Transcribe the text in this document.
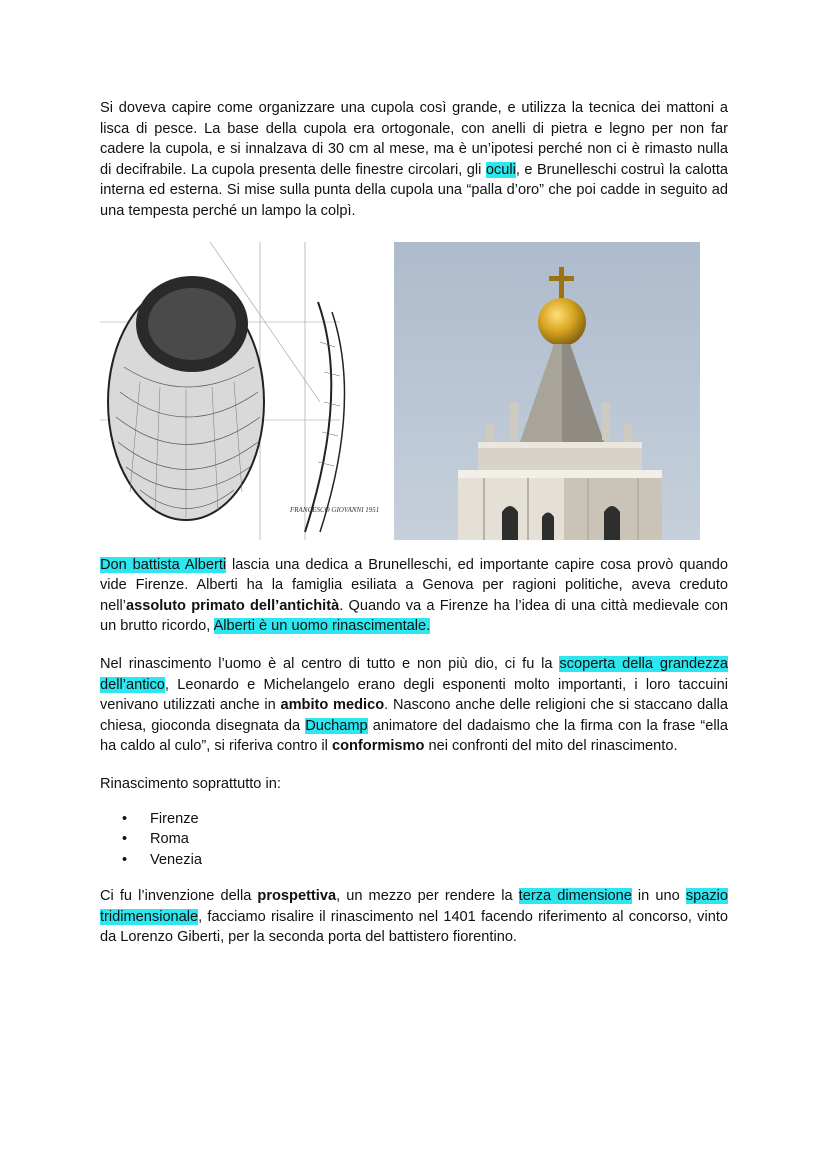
Si doveva capire come organizzare una cupola così grande, e utilizza la tecnica dei mattoni a lisca di pesce. La base della cupola era ortogonale, con anelli di pietra e legno per non far cadere la cupola, e si innalzava di 30 cm al mese, ma è un’ipotesi perché non ci è rimasto nulla di decifrabile. La cupola presenta delle finestre circolari, gli oculi, e Brunelleschi costruì la calotta interna ed esterna. Si mise sulla punta della cupola una “palla d’oro” che poi cadde in seguito ad una tempesta perché un lampo la colpì.

FRANCESCO GIOVANNI 1951

Don battista Alberti lascia una dedica a Brunelleschi, ed importante capire cosa provò quando vide Firenze. Alberti ha la famiglia esiliata a Genova per ragioni politiche, aveva creduto nell’assoluto primato dell’antichità. Quando va a Firenze ha l’idea di una città medievale con un brutto ricordo, Alberti è un uomo rinascimentale.

Nel rinascimento l’uomo è al centro di tutto e non più dio, ci fu la scoperta della grandezza dell’antico, Leonardo e Michelangelo erano degli esponenti molto importanti, i loro taccuini venivano utilizzati anche in ambito medico. Nascono anche delle religioni che si staccano dalla chiesa, gioconda disegnata da Duchamp animatore del dadaismo che la firma con la frase “ella ha caldo al culo”, si riferiva contro il conformismo nei confronti del mito del rinascimento.

Rinascimento soprattutto in:

• Firenze
• Roma
• Venezia

Ci fu l’invenzione della prospettiva, un mezzo per rendere la terza dimensione in uno spazio tridimensionale, facciamo risalire il rinascimento nel 1401 facendo riferimento al concorso, vinto da Lorenzo Giberti, per la seconda porta del battistero fiorentino.
